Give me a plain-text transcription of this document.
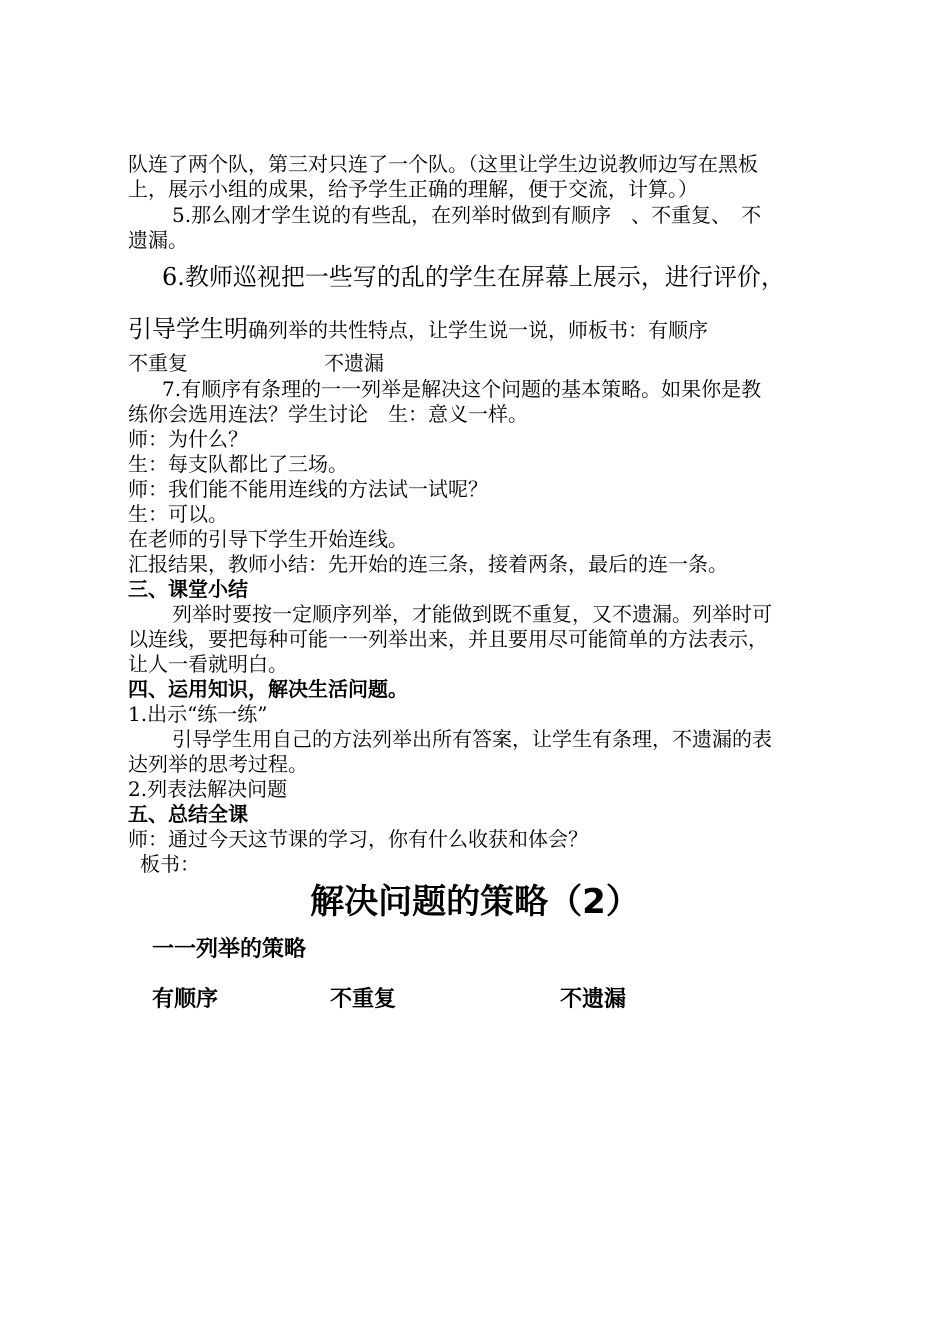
队连了两个队，第三对只连了一个队。（这里让学生边说教师边写在黑板
上，展示小组的成果，给予学生正确的理解，便于交流，计算。）
5.那么刚才学生说的有些乱，在列举时做到有顺序　、不重复、　不
遗漏。
6.教师巡视把一些写的乱的学生在屏幕上展示，进行评价，
引导学生明确列举的共性特点，让学生说一说，师板书：有顺序
不重复	不遗漏
7.有顺序有条理的一一列举是解决这个问题的基本策略。如果你是教
练你会选用连法？学生讨论　生：意义一样。
师：为什么？
生：每支队都比了三场。
师：我们能不能用连线的方法试一试呢？
生：可以。
在老师的引导下学生开始连线。
汇报结果，教师小结：先开始的连三条，接着两条，最后的连一条。
三、课堂小结
列举时要按一定顺序列举，才能做到既不重复，又不遗漏。列举时可
以连线，要把每种可能一一列举出来，并且要用尽可能简单的方法表示，
让人一看就明白。
四、运用知识，解决生活问题。
1.出示“练一练”
引导学生用自己的方法列举出所有答案，让学生有条理，不遗漏的表
达列举的思考过程。
2.列表法解决问题
五、总结全课
师：通过今天这节课的学习，你有什么收获和体会？
板书：
解决问题的策略（2）
一一列举的策略
有顺序	不重复	不遗漏
